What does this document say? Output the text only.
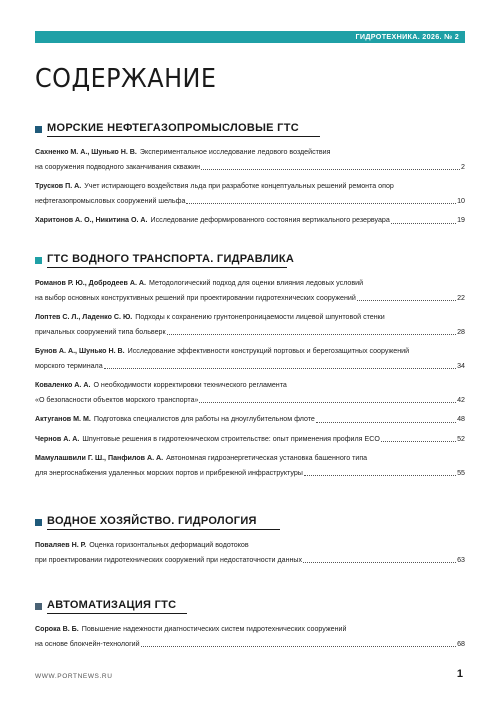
ГИДРОТЕХНИКА. 2026. № 2
СОДЕРЖАНИЕ
МОРСКИЕ НЕФТЕГАЗОПРОМЫСЛОВЫЕ ГТС
Сахненко М. А., Шунько Н. В. Экспериментальное исследование ледового воздействия
на сооружения подводного заканчивания скважин	2
Трусков П. А. Учет истирающего воздействия льда при разработке концептуальных решений ремонта опор
нефтегазопромысловых сооружений шельфа	10
Харитонов А. О., Никитина О. А. Исследование деформированного состояния вертикального резервуара	19
ГТС ВОДНОГО ТРАНСПОРТА. ГИДРАВЛИКА
Романов Р. Ю., Добродеев А. А. Методологический подход для оценки влияния ледовых условий
на выбор основных конструктивных решений при проектировании гидротехнических сооружений	22
Лоптев С. Л., Ладенко С. Ю. Подходы к сохранению грунтонепроницаемости лицевой шпунтовой стенки
причальных сооружений типа больверк	28
Бунов А. А., Шунько Н. В. Исследование эффективности конструкций портовых и берегозащитных сооружений
морского терминала	34
Коваленко А. А. О необходимости корректировки технического регламента
«О безопасности объектов морского транспорта»	42
Актуганов М. М. Подготовка специалистов для работы на дноуглубительном флоте	48
Чернов А. А. Шпунтовые решения в гидротехническом строительстве: опыт применения профиля ECO	52
Мамулашвили Г. Ш., Панфилов А. А. Автономная гидроэнергетическая установка башенного типа
для энергоснабжения удаленных морских портов и прибрежной инфраструктуры	55
ВОДНОЕ ХОЗЯЙСТВО. ГИДРОЛОГИЯ
Поваляев Н. Р. Оценка горизонтальных деформаций водотоков
при проектировании гидротехнических сооружений при недостаточности данных	63
АВТОМАТИЗАЦИЯ ГТС
Сорока В. Б. Повышение надежности диагностических систем гидротехнических сооружений
на основе блокчейн-технологий	68
WWW.PORTNEWS.RU	1
